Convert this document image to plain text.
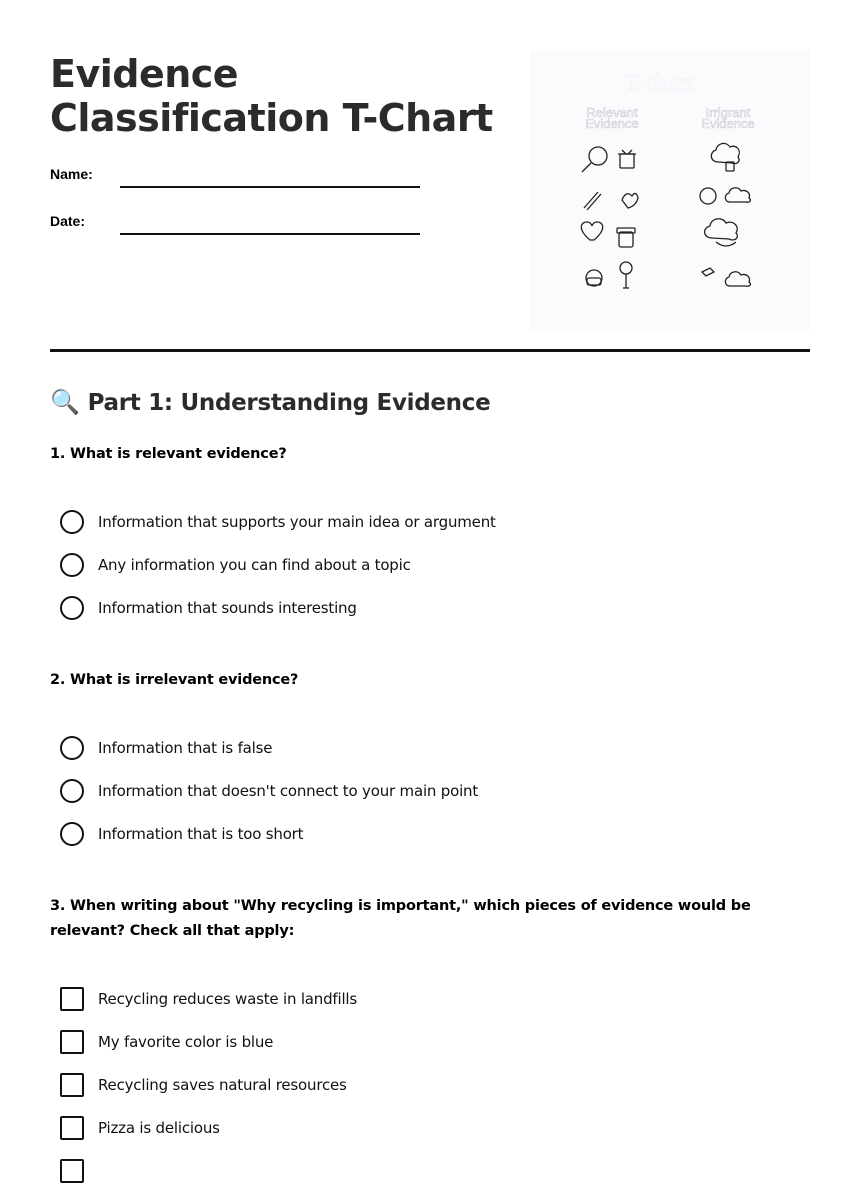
Evidence Classification T-Chart
Name:
Date:
T-chart
Relevant Evidence
Irrigrant Evidence
🔍 Part 1: Understanding Evidence
1. What is relevant evidence?
Information that supports your main idea or argument
Any information you can find about a topic
Information that sounds interesting
2. What is irrelevant evidence?
Information that is false
Information that doesn't connect to your main point
Information that is too short
3. When writing about "Why recycling is important," which pieces of evidence would be relevant? Check all that apply:
Recycling reduces waste in landfills
My favorite color is blue
Recycling saves natural resources
Pizza is delicious
